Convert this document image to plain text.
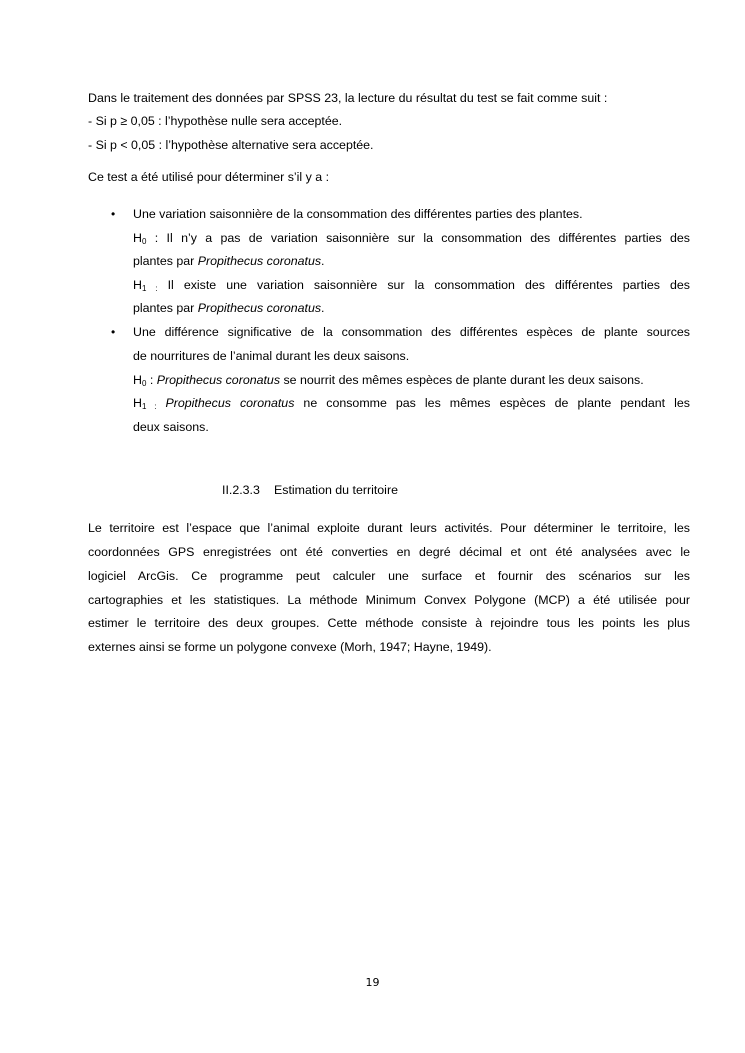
Dans le traitement des données par SPSS 23, la lecture du résultat du test se fait comme suit :
- Si p ≥ 0,05 : l’hypothèse nulle sera acceptée.
- Si p < 0,05 : l’hypothèse alternative sera acceptée.
Ce test a été utilisé pour déterminer s’il y a :
• Une variation saisonnière de la consommation des différentes parties des plantes.
$H_0$ : Il n’y a pas de variation saisonnière sur la consommation des différentes parties des
plantes par Propithecus coronatus.
$H_{1 :}$ Il existe une variation saisonnière sur la consommation des différentes parties des
plantes par Propithecus coronatus.
• Une différence significative de la consommation des différentes espèces de plante sources
de nourritures de l’animal durant les deux saisons.
$H_0$ : Propithecus coronatus se nourrit des mêmes espèces de plante durant les deux saisons.
$H_{1 :}$ Propithecus coronatus ne consomme pas les mêmes espèces de plante pendant les
deux saisons.
II.2.3.3 Estimation du territoire
Le territoire est l’espace que l’animal exploite durant leurs activités. Pour déterminer le territoire, les
coordonnées GPS enregistrées ont été converties en degré décimal et ont été analysées avec le
logiciel ArcGis. Ce programme peut calculer une surface et fournir des scénarios sur les
cartographies et les statistiques. La méthode Minimum Convex Polygone (MCP) a été utilisée pour
estimer le territoire des deux groupes. Cette méthode consiste à rejoindre tous les points les plus
externes ainsi se forme un polygone convexe (Morh, 1947; Hayne, 1949).
19
